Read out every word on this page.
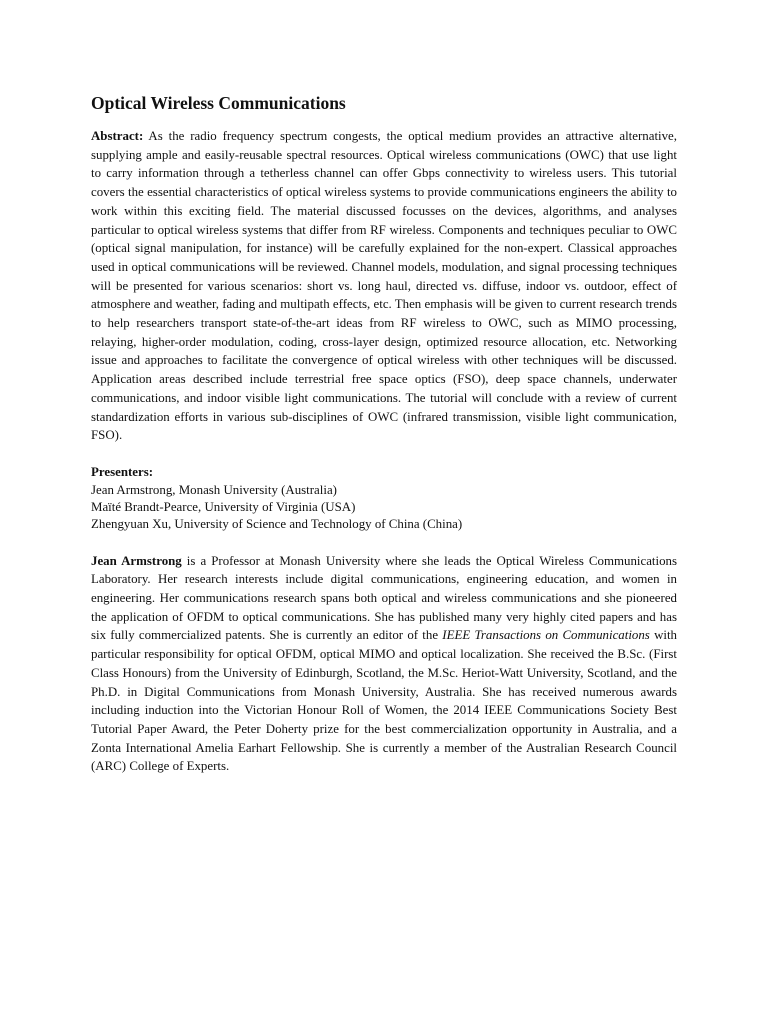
Optical Wireless Communications

Abstract: As the radio frequency spectrum congests, the optical medium provides an attractive alternative, supplying ample and easily-reusable spectral resources. Optical wireless communications (OWC) that use light to carry information through a tetherless channel can offer Gbps connectivity to wireless users. This tutorial covers the essential characteristics of optical wireless systems to provide communications engineers the ability to work within this exciting field. The material discussed focusses on the devices, algorithms, and analyses particular to optical wireless systems that differ from RF wireless. Components and techniques peculiar to OWC (optical signal manipulation, for instance) will be carefully explained for the non-expert. Classical approaches used in optical communications will be reviewed. Channel models, modulation, and signal processing techniques will be presented for various scenarios: short vs. long haul, directed vs. diffuse, indoor vs. outdoor, effect of atmosphere and weather, fading and multipath effects, etc. Then emphasis will be given to current research trends to help researchers transport state-of-the-art ideas from RF wireless to OWC, such as MIMO processing, relaying, higher-order modulation, coding, cross-layer design, optimized resource allocation, etc. Networking issue and approaches to facilitate the convergence of optical wireless with other techniques will be discussed. Application areas described include terrestrial free space optics (FSO), deep space channels, underwater communications, and indoor visible light communications. The tutorial will conclude with a review of current standardization efforts in various sub-disciplines of OWC (infrared transmission, visible light communication, FSO).

Presenters:

Jean Armstrong, Monash University (Australia)

Maïté Brandt-Pearce, University of Virginia (USA)

Zhengyuan Xu, University of Science and Technology of China (China)

Jean Armstrong is a Professor at Monash University where she leads the Optical Wireless Communications Laboratory. Her research interests include digital communications, engineering education, and women in engineering. Her communications research spans both optical and wireless communications and she pioneered the application of OFDM to optical communications. She has published many very highly cited papers and has six fully commercialized patents. She is currently an editor of the IEEE Transactions on Communications with particular responsibility for optical OFDM, optical MIMO and optical localization. She received the B.Sc. (First Class Honours) from the University of Edinburgh, Scotland, the M.Sc. Heriot-Watt University, Scotland, and the Ph.D. in Digital Communications from Monash University, Australia. She has received numerous awards including induction into the Victorian Honour Roll of Women, the 2014 IEEE Communications Society Best Tutorial Paper Award, the Peter Doherty prize for the best commercialization opportunity in Australia, and a Zonta International Amelia Earhart Fellowship. She is currently a member of the Australian Research Council (ARC) College of Experts.
